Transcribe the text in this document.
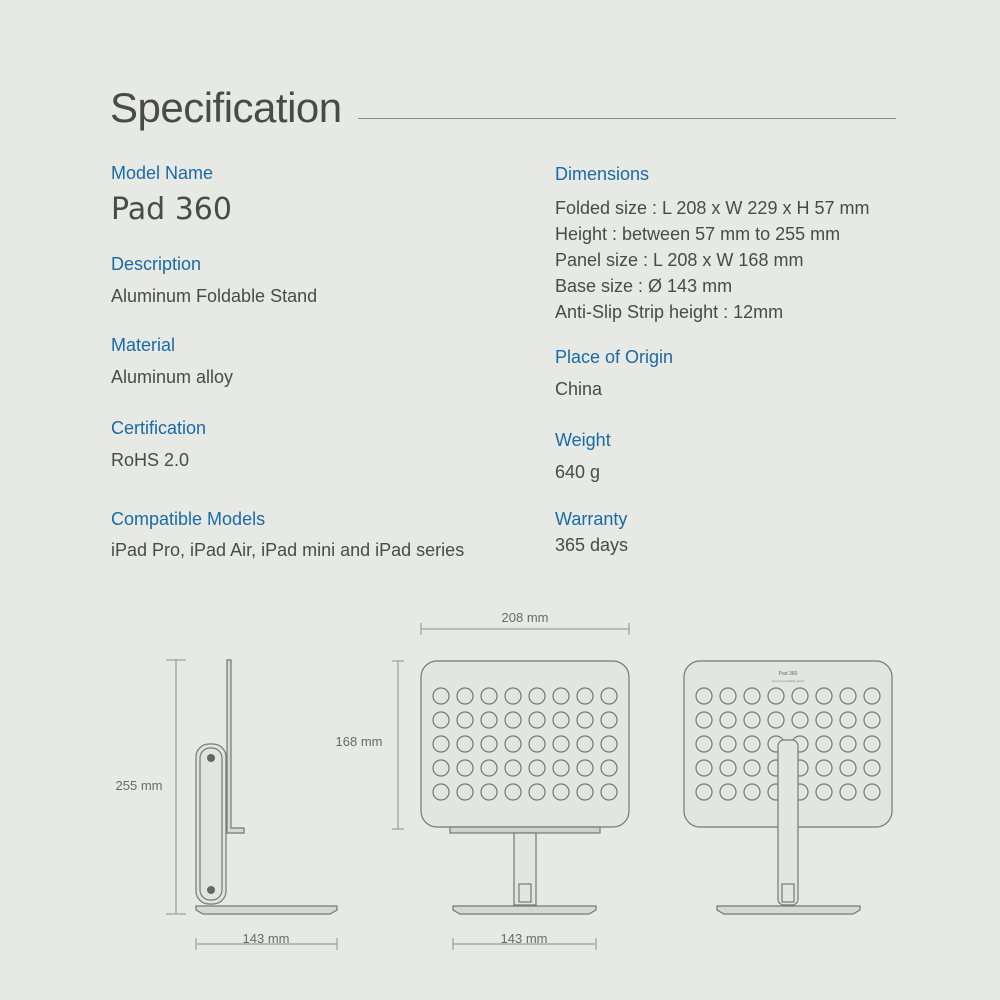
Specification

Model Name

Pad 360

Description

Aluminum Foldable Stand

Material

Aluminum alloy

Certification

RoHS 2.0

Compatible Models

iPad Pro, iPad Air, iPad mini and iPad series

Dimensions

Folded size : L 208 x W 229 x H 57 mm
Height : between 57 mm to 255 mm
Panel size : L 208 x W 168 mm
Base size : Ø 143 mm
Anti-Slip Strip height : 12mm

Place of Origin

China

Weight

640 g

Warranty

365 days

Pad 360
aluminum foldable stand
208 mm
168 mm
255 mm
143 mm	143 mm
